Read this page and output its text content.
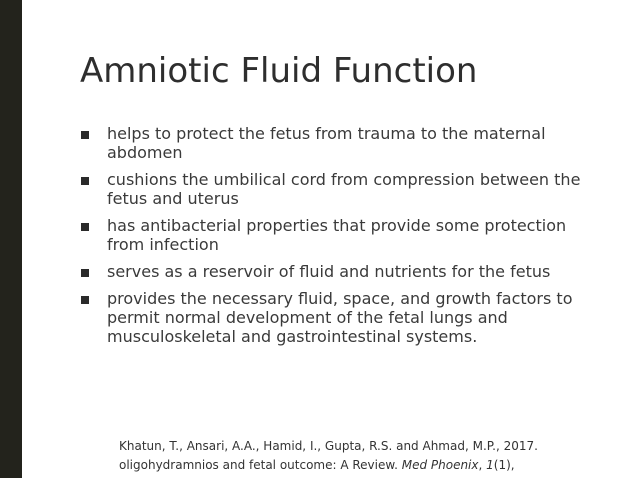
Amniotic Fluid Function
helps to protect the fetus from trauma to the maternal abdomen
cushions the umbilical cord from compression between the fetus and uterus
has antibacterial properties that provide some protection from infection
serves as a reservoir of fluid and nutrients for the fetus
provides the necessary fluid, space, and growth factors to permit normal development of the fetal lungs and musculoskeletal and gastrointestinal systems.
Khatun, T., Ansari, A.A., Hamid, I., Gupta, R.S. and Ahmad, M.P., 2017.
oligohydramnios and fetal outcome: A Review. Med Phoenix, 1(1),
